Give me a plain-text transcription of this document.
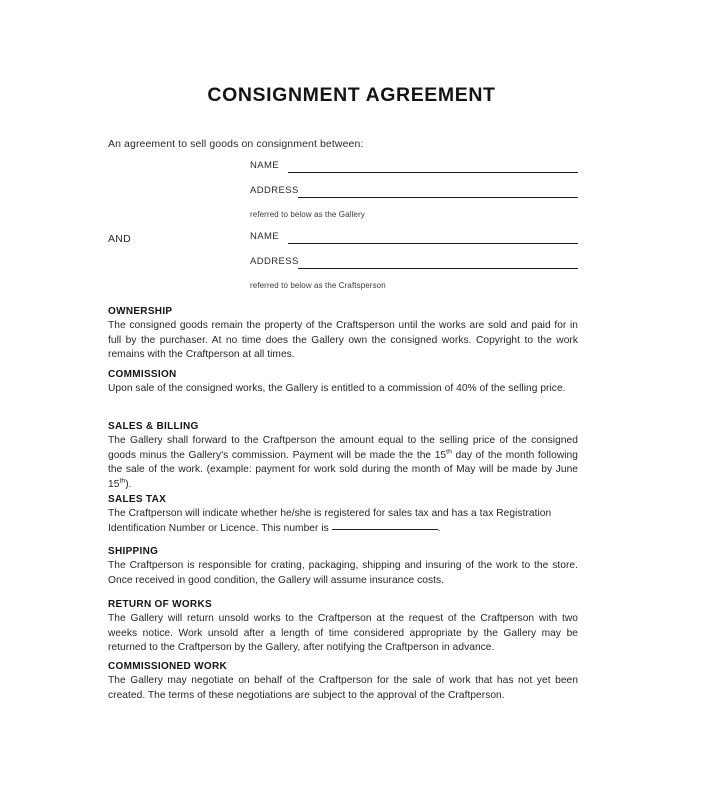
CONSIGNMENT AGREEMENT
An agreement to sell goods on consignment between:
NAME
ADDRESS
referred to below as the Gallery
AND	NAME
ADDRESS
referred to below as the Craftsperson

OWNERSHIP

The consigned goods remain the property of the Craftsperson until the works are sold and paid for in full by the purchaser. At no time does the Gallery own the consigned works. Copyright to the work remains with the Craftperson at all times.

COMMISSION

Upon sale of the consigned works, the Gallery is entitled to a commission of 40% of the selling price.

SALES & BILLING

The Gallery shall forward to the Craftperson the amount equal to the selling price of the consigned goods minus the Gallery's commission. Payment will be made the the 15th day of the month following the sale of the work. (example: payment for work sold during the month of May will be made by June 15th).

SALES TAX

The Craftperson will indicate whether he/she is registered for sales tax and has a tax Registration Identification Number or Licence. This number is	.

SHIPPING

The Craftperson is responsible for crating, packaging, shipping and insuring of the work to the store. Once received in good condition, the Gallery will assume insurance costs.

RETURN OF WORKS

The Gallery will return unsold works to the Craftperson at the request of the Craftperson with two weeks notice. Work unsold after a length of time considered appropriate by the Gallery may be returned to the Craftperson by the Gallery, after notifying the Craftperson in advance.

COMMISSIONED WORK

The Gallery may negotiate on behalf of the Craftperson for the sale of work that has not yet been created. The terms of these negotiations are subject to the approval of the Craftperson.
